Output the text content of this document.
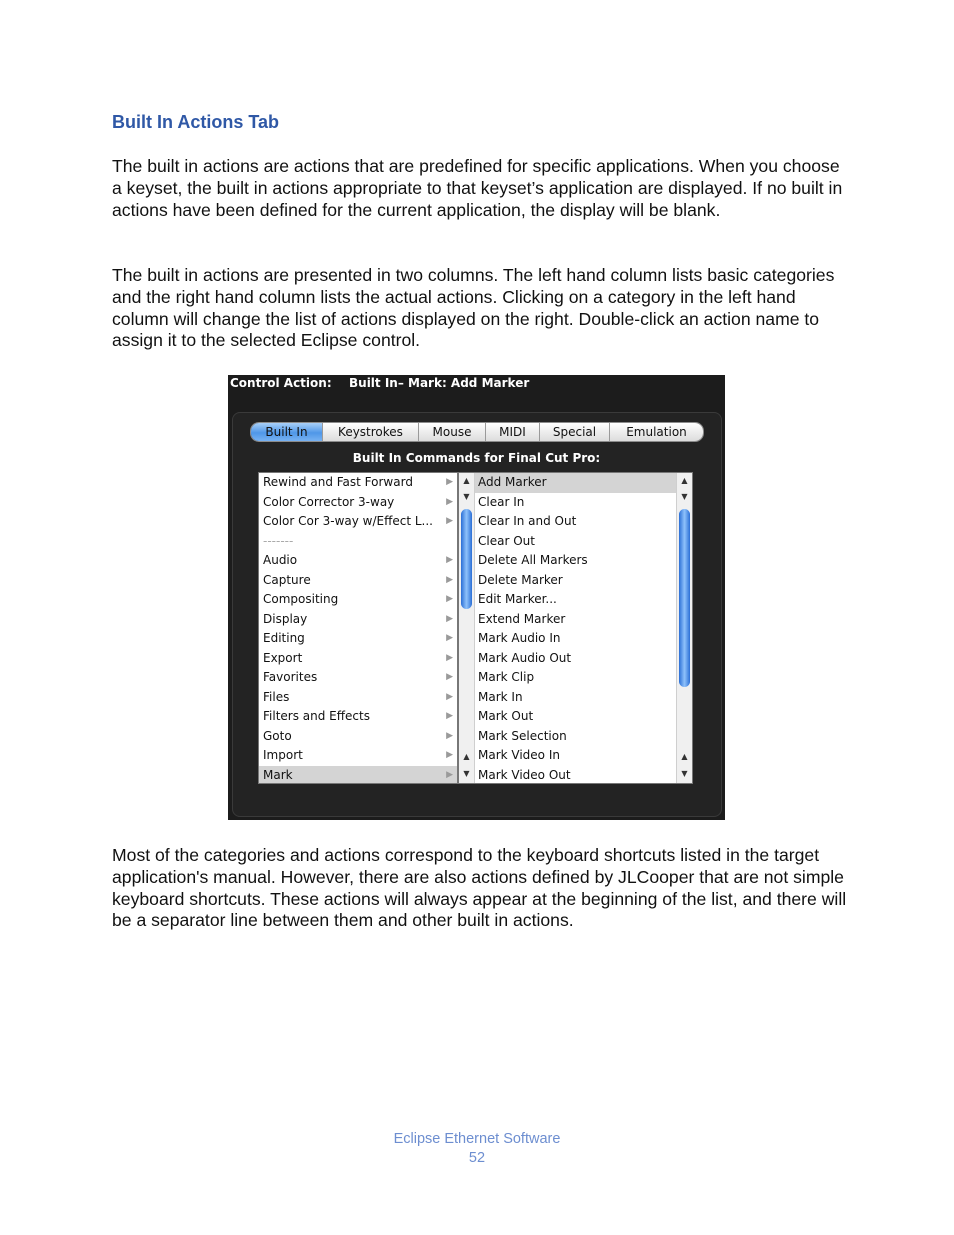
Built In Actions Tab

The built in actions are actions that are predefined for specific applications. When you choose a keyset, the built in actions appropriate to that keyset’s application are displayed. If no built in actions have been defined for the current application, the display will be blank.

The built in actions are presented in two columns. The left hand column lists basic categories and the right hand column lists the actual actions. Clicking on a category in the left hand column will change the list of actions displayed on the right. Double-click an action name to assign it to the selected Eclipse control.

Control Action: Built In– Mark: Add Marker
Built In	Keystrokes	Mouse	MIDI	Special	Emulation
Built In Commands for Final Cut Pro:
Rewind and Fast Forward	▶
Color Corrector 3-way	▶
Color Cor 3-way w/Effect L... ▶
-------
Audio	▶
Capture	▶
Compositing	▶
Display	▶
Editing	▶
Export	▶
Favorites	▶
Files	▶
Filters and Effects	▶
Goto	▶
Import	▶
Mark	▶
Add Marker
Clear In
Clear In and Out
Clear Out
Delete All Markers
Delete Marker
Edit Marker...
Extend Marker
Mark Audio In
Mark Audio Out
Mark Clip
Mark In
Mark Out
Mark Selection
Mark Video In
Mark Video Out
▲
▼
▲
▼
▲
▼
▲
▼

Most of the categories and actions correspond to the keyboard shortcuts listed in the target application's manual. However, there are also actions defined by JLCooper that are not simple keyboard shortcuts. These actions will always appear at the beginning of the list, and there will be a separator line between them and other built in actions.

Eclipse Ethernet Software
52
